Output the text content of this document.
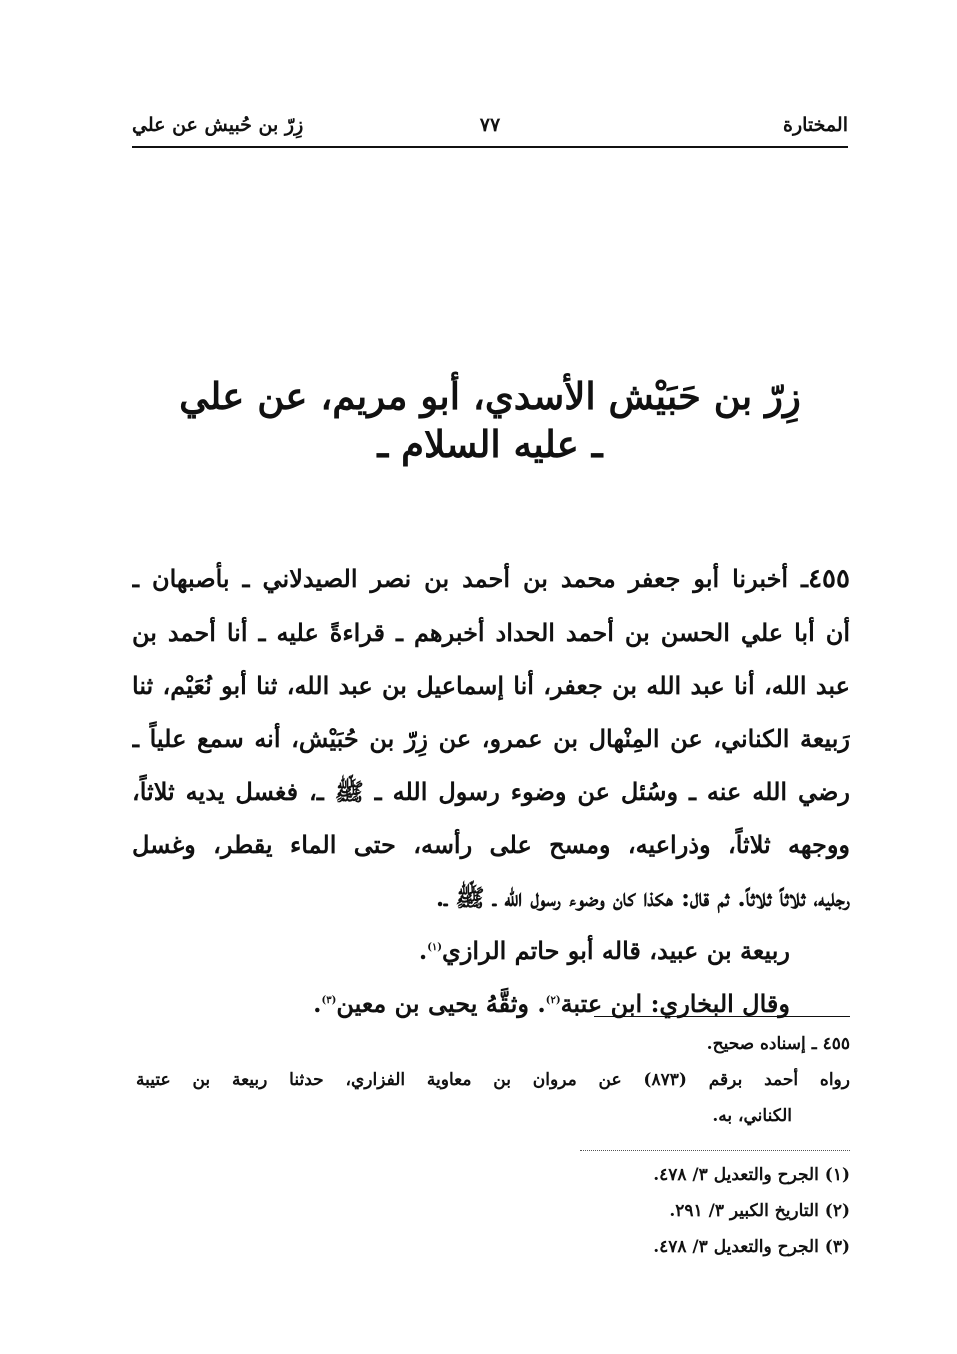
المختارة
٧٧
زِرّ بن حُبيش عن علي
زِرّ بن حَبَيْش الأسدي، أبو مريم، عن علي
ـ عليه السلام ـ
٤٥٥ـ أخبرنا أبو جعفر محمد بن أحمد بن نصر الصيدلاني ـ بأصبهان ـ
أن أبا علي الحسن بن أحمد الحداد أخبرهم ـ قراءةً عليه ـ أنا أحمد بن
عبد الله، أنا عبد الله بن جعفر، أنا إسماعيل بن عبد الله، ثنا أبو نُعَيْم، ثنا
رَبيعة الكناني، عن المِنْهال بن عمرو، عن زِرّ بن حُبَيْش، أنه سمع علياً ـ
رضي الله عنه ـ وسُئل عن وضوء رسول الله ـ ﷺ ـ، فغسل يديه ثلاثاً،
ووجهه ثلاثاً، وذراعيه، ومسح على رأسه، حتى الماء يقطر، وغسل
رجليه، ثلاثاً ثلاثاً. ثم قال: هكذا كان وضوء رسول الله ـ ﷺ ـ.
ربيعة بن عبيد، قاله أبو حاتم الرازي$^{(١)}$.
وقال البخاري: ابن عتبة$^{(٢)}$. وثقَّهُ يحيى بن معين$^{(٣)}$.
٤٥٥ ـ إسناده صحيح.
رواه أحمد برقم (٨٧٣) عن مروان بن معاوية الفزاري، حدثنا ربيعة بن عتيبة
الكناني، به.
(١) الجرح والتعديل ٣/ ٤٧٨.
(٢) التاريخ الكبير ٣/ ٢٩١.
(٣) الجرح والتعديل ٣/ ٤٧٨.
